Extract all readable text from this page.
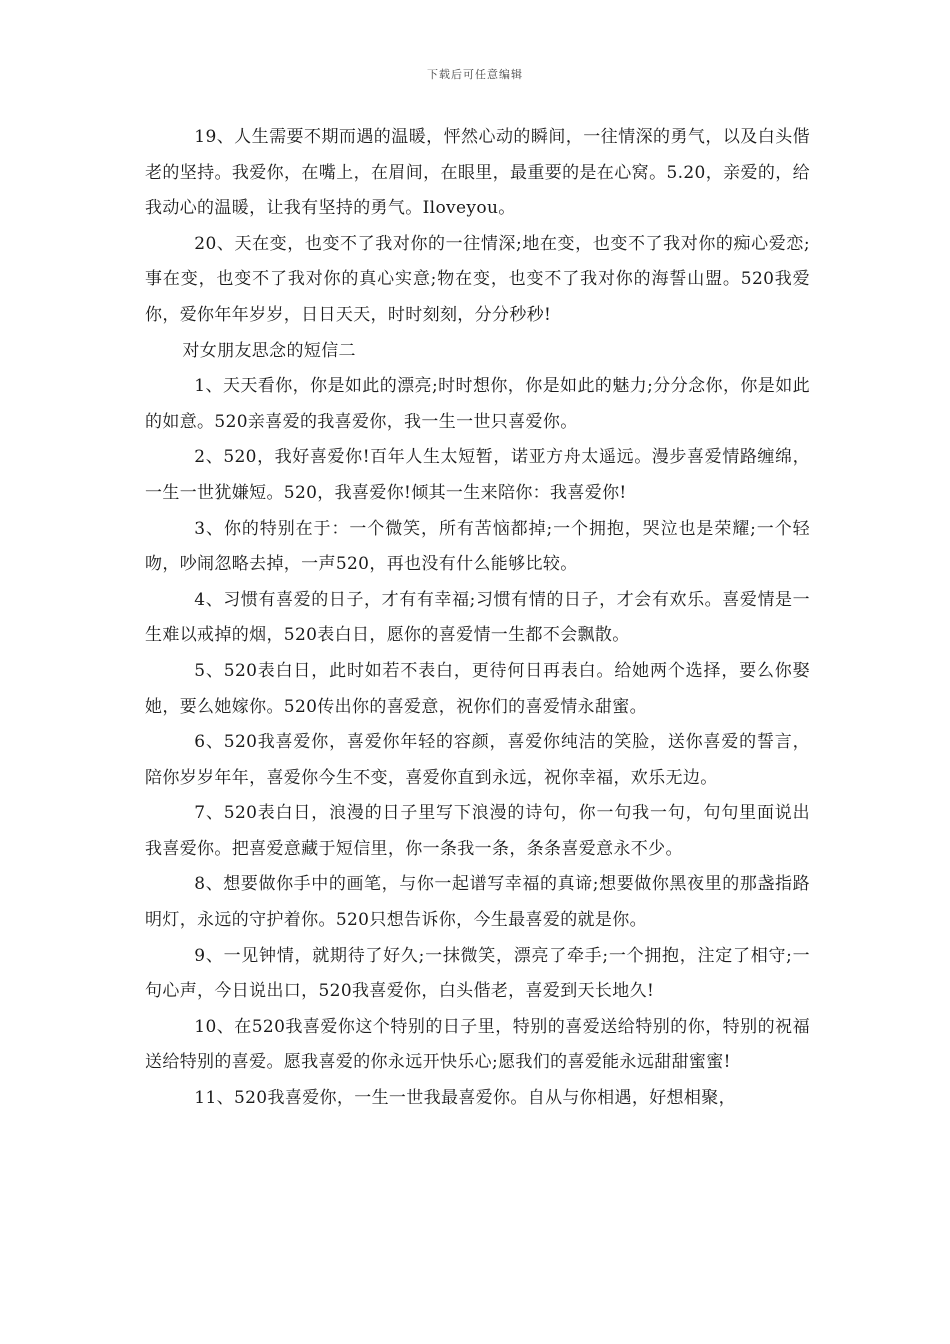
下载后可任意编辑

19、人生需要不期而遇的温暖，怦然心动的瞬间，一往情深的勇气，以及白头偕老的坚持。我爱你，在嘴上，在眉间，在眼里，最重要的是在心窝。5.20，亲爱的，给我动心的温暖，让我有坚持的勇气。Iloveyou。

20、天在变，也变不了我对你的一往情深;地在变，也变不了我对你的痴心爱恋;事在变，也变不了我对你的真心实意;物在变，也变不了我对你的海誓山盟。520我爱你，爱你年年岁岁，日日天天，时时刻刻，分分秒秒!

对女朋友思念的短信二

1、天天看你，你是如此的漂亮;时时想你，你是如此的魅力;分分念你，你是如此的如意。520亲喜爱的我喜爱你，我一生一世只喜爱你。

2、520，我好喜爱你!百年人生太短暂，诺亚方舟太遥远。漫步喜爱情路缠绵，一生一世犹嫌短。520，我喜爱你!倾其一生来陪你：我喜爱你!

3、你的特别在于：一个微笑，所有苦恼都掉;一个拥抱，哭泣也是荣耀;一个轻吻，吵闹忽略去掉，一声520，再也没有什么能够比较。

4、习惯有喜爱的日子，才有有幸福;习惯有情的日子，才会有欢乐。喜爱情是一生难以戒掉的烟，520表白日，愿你的喜爱情一生都不会飘散。

5、520表白日，此时如若不表白，更待何日再表白。给她两个选择，要么你娶她，要么她嫁你。520传出你的喜爱意，祝你们的喜爱情永甜蜜。

6、520我喜爱你，喜爱你年轻的容颜，喜爱你纯洁的笑脸，送你喜爱的誓言，陪你岁岁年年，喜爱你今生不变，喜爱你直到永远，祝你幸福，欢乐无边。

7、520表白日，浪漫的日子里写下浪漫的诗句，你一句我一句，句句里面说出我喜爱你。把喜爱意藏于短信里，你一条我一条，条条喜爱意永不少。

8、想要做你手中的画笔，与你一起谱写幸福的真谛;想要做你黑夜里的那盏指路明灯，永远的守护着你。520只想告诉你，今生最喜爱的就是你。

9、一见钟情，就期待了好久;一抹微笑，漂亮了牵手;一个拥抱，注定了相守;一句心声，今日说出口，520我喜爱你，白头偕老，喜爱到天长地久!

10、在520我喜爱你这个特别的日子里，特别的喜爱送给特别的你，特别的祝福送给特别的喜爱。愿我喜爱的你永远开快乐心;愿我们的喜爱能永远甜甜蜜蜜!

11、520我喜爱你，一生一世我最喜爱你。自从与你相遇，好想相聚，
